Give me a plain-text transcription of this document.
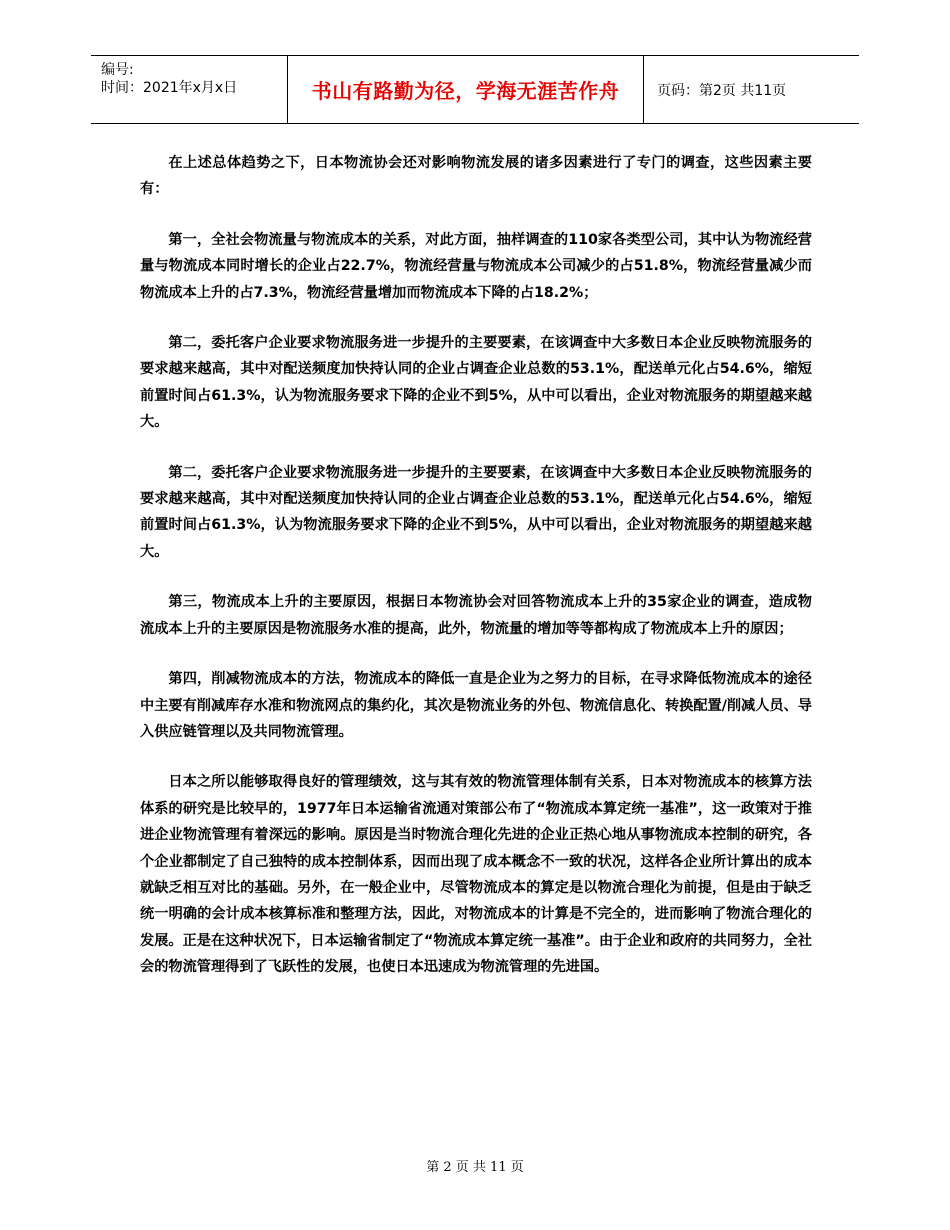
编号:
时间：2021年x月x日	书山有路勤为径，学海无涯苦作舟	页码：第2页 共11页

在上述总体趋势之下，日本物流协会还对影响物流发展的诸多因素进行了专门的调查，这些因素主要有：

第一，全社会物流量与物流成本的关系，对此方面，抽样调查的110家各类型公司，其中认为物流经营量与物流成本同时增长的企业占22.7%，物流经营量与物流成本公司减少的占51.8%，物流经营量减少而物流成本上升的占7.3%，物流经营量增加而物流成本下降的占18.2%；

第二，委托客户企业要求物流服务进一步提升的主要要素，在该调查中大多数日本企业反映物流服务的要求越来越高，其中对配送频度加快持认同的企业占调查企业总数的53.1%，配送单元化占54.6%，缩短前置时间占61.3%，认为物流服务要求下降的企业不到5%，从中可以看出，企业对物流服务的期望越来越大。

第二，委托客户企业要求物流服务进一步提升的主要要素，在该调查中大多数日本企业反映物流服务的要求越来越高，其中对配送频度加快持认同的企业占调查企业总数的53.1%，配送单元化占54.6%，缩短前置时间占61.3%，认为物流服务要求下降的企业不到5%，从中可以看出，企业对物流服务的期望越来越大。

第三，物流成本上升的主要原因，根据日本物流协会对回答物流成本上升的35家企业的调查，造成物流成本上升的主要原因是物流服务水准的提高，此外，物流量的增加等等都构成了物流成本上升的原因；

第四，削减物流成本的方法，物流成本的降低一直是企业为之努力的目标，在寻求降低物流成本的途径中主要有削减库存水准和物流网点的集约化，其次是物流业务的外包、物流信息化、转换配置/削减人员、导入供应链管理以及共同物流管理。

日本之所以能够取得良好的管理绩效，这与其有效的物流管理体制有关系，日本对物流成本的核算方法体系的研究是比较早的，1977年日本运输省流通对策部公布了“物流成本算定统一基准”，这一政策对于推进企业物流管理有着深远的影响。原因是当时物流合理化先进的企业正热心地从事物流成本控制的研究，各个企业都制定了自己独特的成本控制体系，因而出现了成本概念不一致的状况，这样各企业所计算出的成本就缺乏相互对比的基础。另外，在一般企业中，尽管物流成本的算定是以物流合理化为前提，但是由于缺乏统一明确的会计成本核算标准和整理方法，因此，对物流成本的计算是不完全的，进而影响了物流合理化的发展。正是在这种状况下，日本运输省制定了“物流成本算定统一基准”。由于企业和政府的共同努力，全社会的物流管理得到了飞跃性的发展，也使日本迅速成为物流管理的先进国。

第 2 页 共 11 页
